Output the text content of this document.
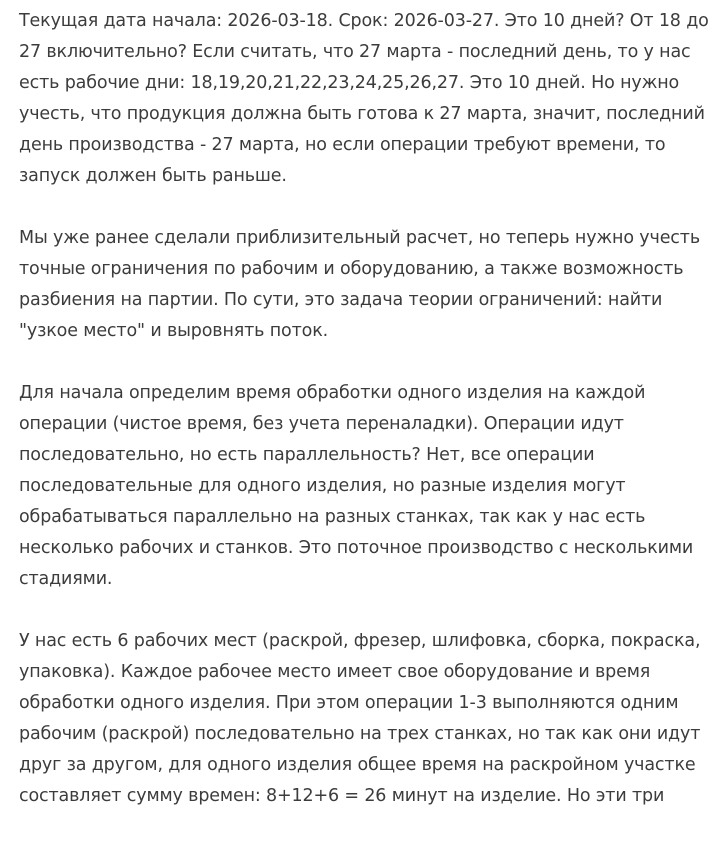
Текущая дата начала: 2026-03-18. Срок: 2026-03-27. Это 10 дней? От 18 до
27 включительно? Если считать, что 27 марта - последний день, то у нас
есть рабочие дни: 18,19,20,21,22,23,24,25,26,27. Это 10 дней. Но нужно
учесть, что продукция должна быть готова к 27 марта, значит, последний
день производства - 27 марта, но если операции требуют времени, то
запуск должен быть раньше.
Мы уже ранее сделали приблизительный расчет, но теперь нужно учесть
точные ограничения по рабочим и оборудованию, а также возможность
разбиения на партии. По сути, это задача теории ограничений: найти
"узкое место" и выровнять поток.
Для начала определим время обработки одного изделия на каждой
операции (чистое время, без учета переналадки). Операции идут
последовательно, но есть параллельность? Нет, все операции
последовательные для одного изделия, но разные изделия могут
обрабатываться параллельно на разных станках, так как у нас есть
несколько рабочих и станков. Это поточное производство с несколькими
стадиями.
У нас есть 6 рабочих мест (раскрой, фрезер, шлифовка, сборка, покраска,
упаковка). Каждое рабочее место имеет свое оборудование и время
обработки одного изделия. При этом операции 1-3 выполняются одним
рабочим (раскрой) последовательно на трех станках, но так как они идут
друг за другом, для одного изделия общее время на раскройном участке
составляет сумму времен: 8+12+6 = 26 минут на изделие. Но эти три
